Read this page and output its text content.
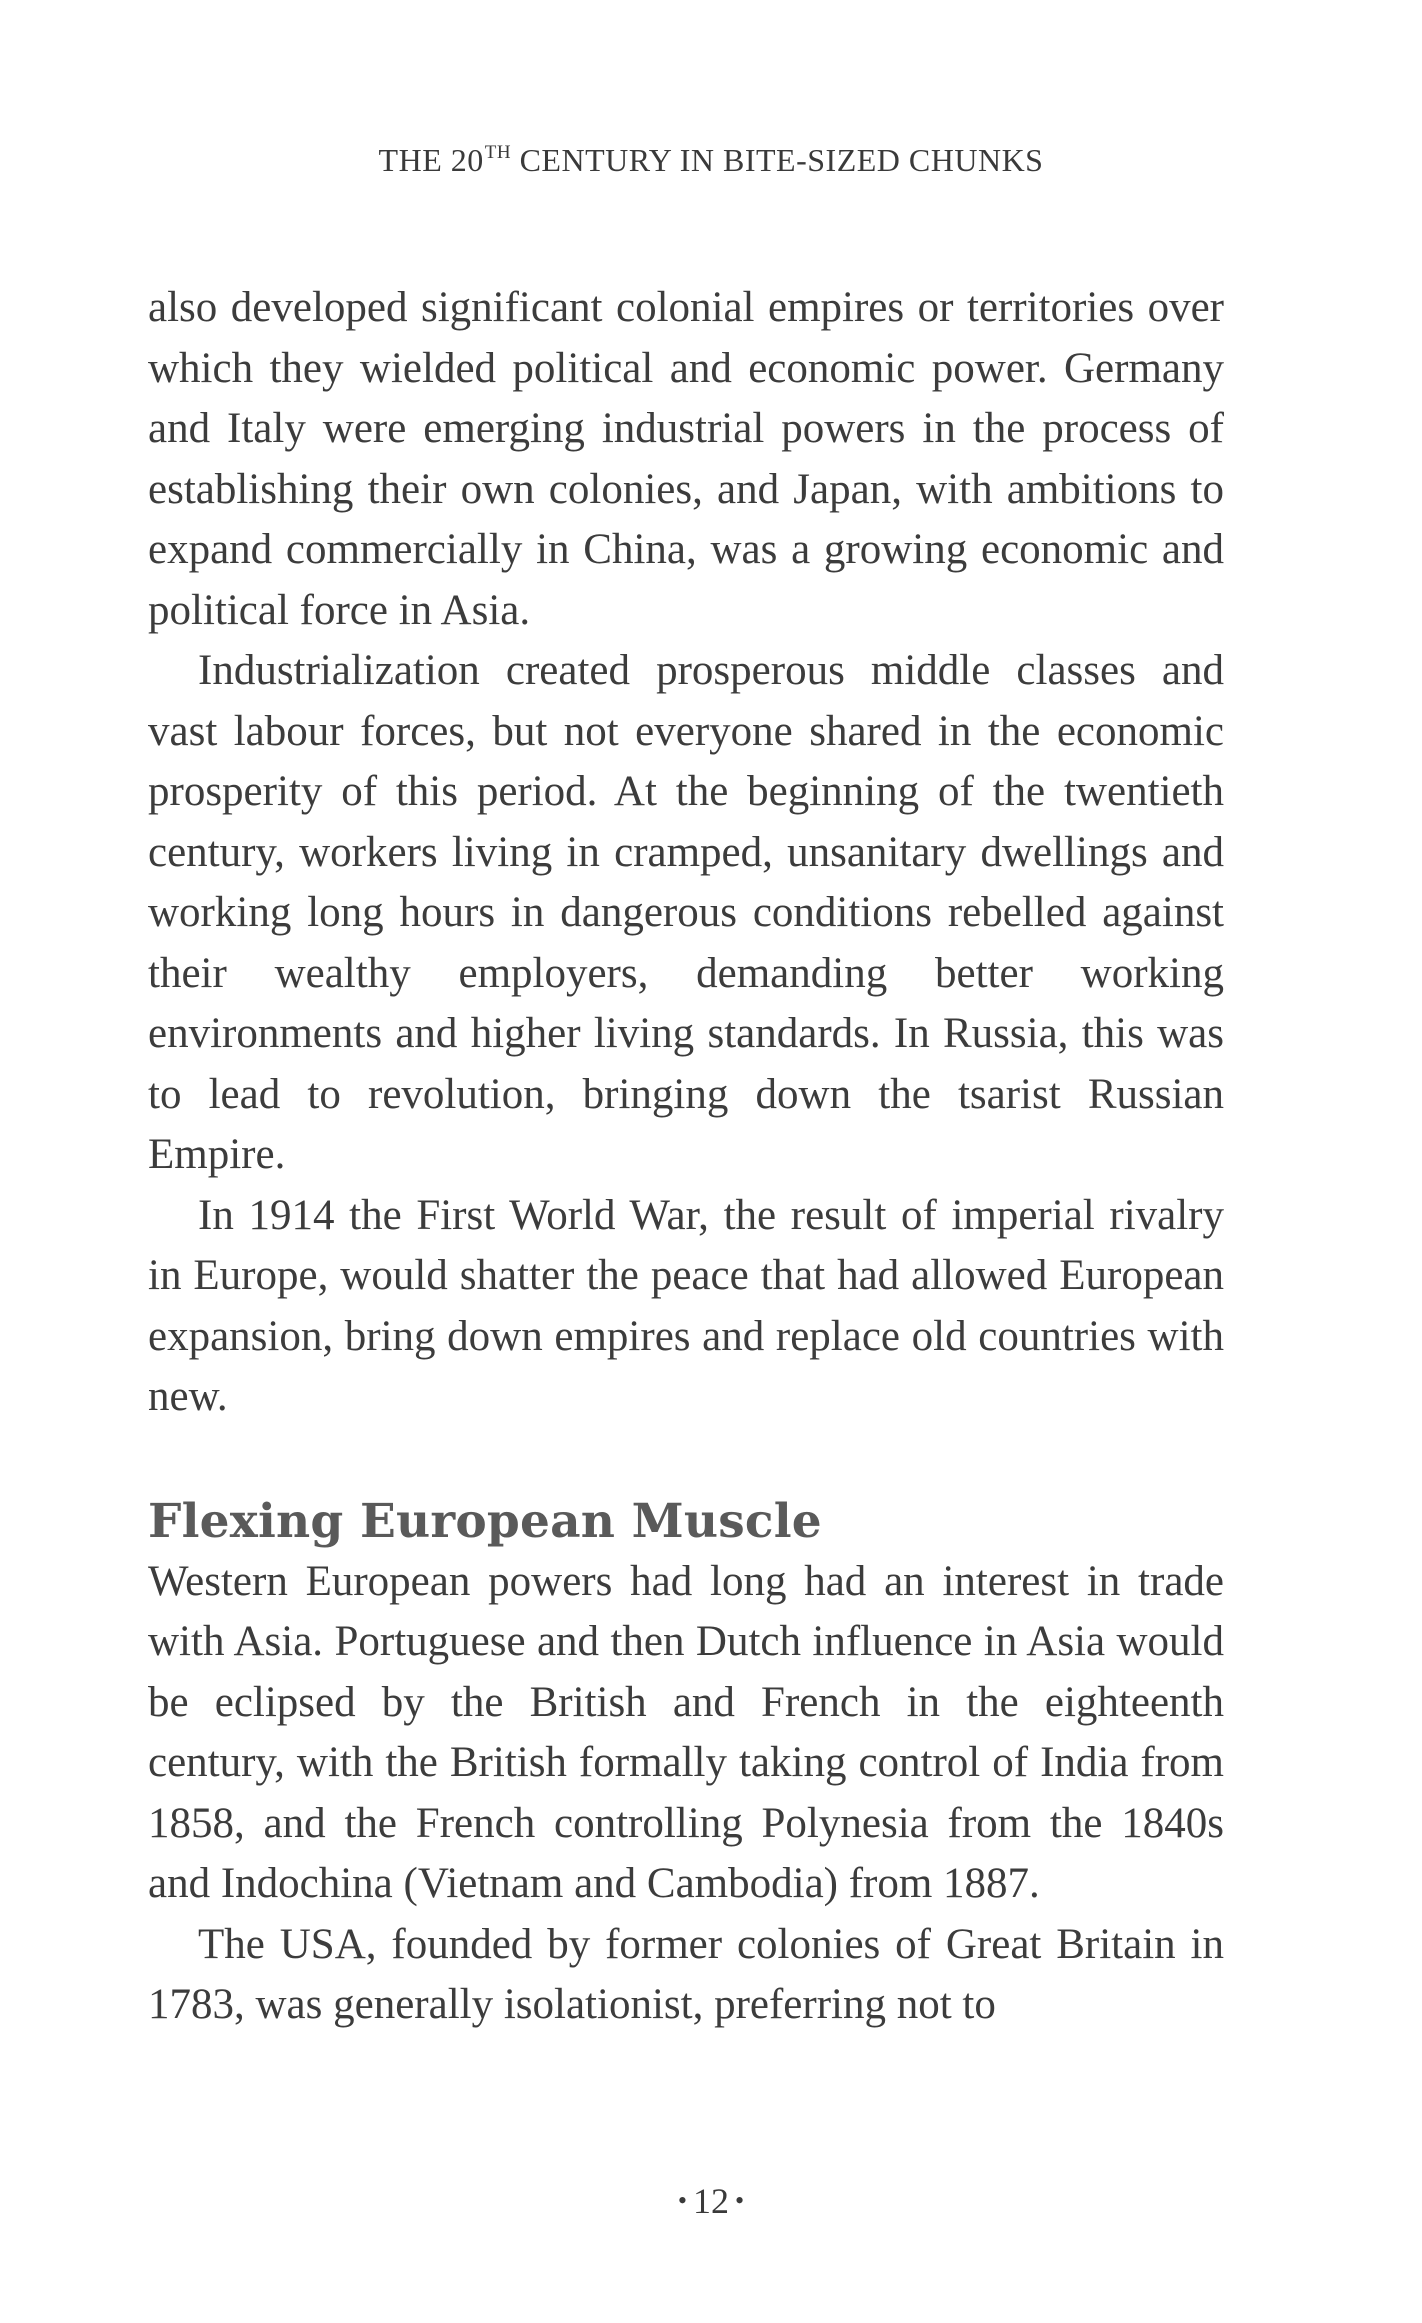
THE 20TH CENTURY IN BITE-SIZED CHUNKS

also developed significant colonial empires or territories over which they wielded political and economic power. Germany and Italy were emerging industrial powers in the process of establishing their own colonies, and Japan, with ambitions to expand commercially in China, was a growing economic and political force in Asia.

Industrialization created prosperous middle classes and vast labour forces, but not everyone shared in the economic prosperity of this period. At the beginning of the twentieth century, workers living in cramped, unsanitary dwellings and working long hours in dangerous conditions rebelled against their wealthy employers, demanding better working environments and higher living standards. In Russia, this was to lead to revolution, bringing down the tsarist Russian Empire.

In 1914 the First World War, the result of imperial rivalry in Europe, would shatter the peace that had allowed European expansion, bring down empires and replace old countries with new.

Flexing European Muscle

Western European powers had long had an interest in trade with Asia. Portuguese and then Dutch influence in Asia would be eclipsed by the British and French in the eighteenth century, with the British formally taking control of India from 1858, and the French controlling Polynesia from the 1840s and Indochina (Vietnam and Cambodia) from 1887.

The USA, founded by former colonies of Great Britain in 1783, was generally isolationist, preferring not to

• 12 •
